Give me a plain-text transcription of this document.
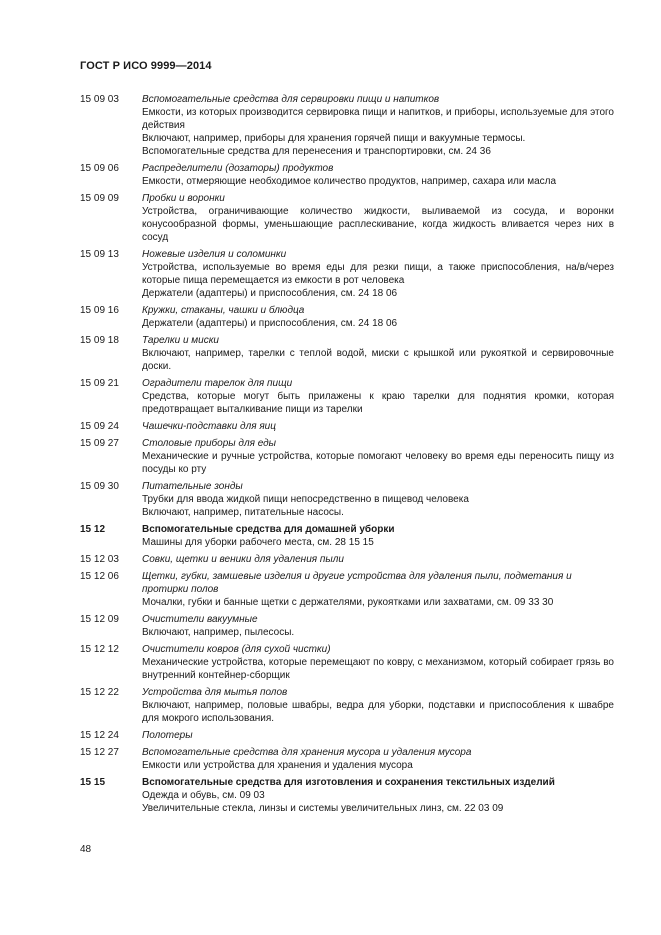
ГОСТ Р ИСО 9999—2014
15 09 03	Вспомогательные средства для сервировки пищи и напитков
Емкости, из которых производится сервировка пищи и напитков, и приборы, используемые для этого действия
Включают, например, приборы для хранения горячей пищи и вакуумные термосы.
Вспомогательные средства для перенесения и транспортировки, см. 24 36
15 09 06	Распределители (дозаторы) продуктов
Емкости, отмеряющие необходимое количество продуктов, например, сахара или масла
15 09 09	Пробки и воронки
Устройства, ограничивающие количество жидкости, выливаемой из сосуда, и воронки конусообразной формы, уменьшающие расплескивание, когда жидкость вливается через них в сосуд
15 09 13	Ножевые изделия и соломинки
Устройства, используемые во время еды для резки пищи, а также приспособления, на/в/через которые пища перемещается из емкости в рот человека
Держатели (адаптеры) и приспособления, см. 24 18 06
15 09 16	Кружки, стаканы, чашки и блюдца
Держатели (адаптеры) и приспособления, см. 24 18 06
15 09 18	Тарелки и миски
Включают, например, тарелки с теплой водой, миски с крышкой или рукояткой и сервировочные доски.
15 09 21	Оградители тарелок для пищи
Средства, которые могут быть прилажены к краю тарелки для поднятия кромки, которая предотвращает выталкивание пищи из тарелки
15 09 24	Чашечки-подставки для яиц
15 09 27	Столовые приборы для еды
Механические и ручные устройства, которые помогают человеку во время еды переносить пищу из посуды ко рту
15 09 30	Питательные зонды
Трубки для ввода жидкой пищи непосредственно в пищевод человека
Включают, например, питательные насосы.
15 12	Вспомогательные средства для домашней уборки
Машины для уборки рабочего места, см. 28 15 15
15 12 03	Совки, щетки и веники для удаления пыли
15 12 06	Щетки, губки, замшевые изделия и другие устройства для удаления пыли, подметания и протирки полов
Мочалки, губки и банные щетки с держателями, рукоятками или захватами, см. 09 33 30
15 12 09	Очистители вакуумные
Включают, например, пылесосы.
15 12 12	Очистители ковров (для сухой чистки)
Механические устройства, которые перемещают по ковру, с механизмом, который собирает грязь во внутренний контейнер-сборщик
15 12 22	Устройства для мытья полов
Включают, например, половые швабры, ведра для уборки, подставки и приспособления к швабре для мокрого использования.
15 12 24	Полотеры
15 12 27	Вспомогательные средства для хранения мусора и удаления мусора
Емкости или устройства для хранения и удаления мусора
15 15	Вспомогательные средства для изготовления и сохранения текстильных изделий
Одежда и обувь, см. 09 03
Увеличительные стекла, линзы и системы увеличительных линз, см. 22 03 09
48
